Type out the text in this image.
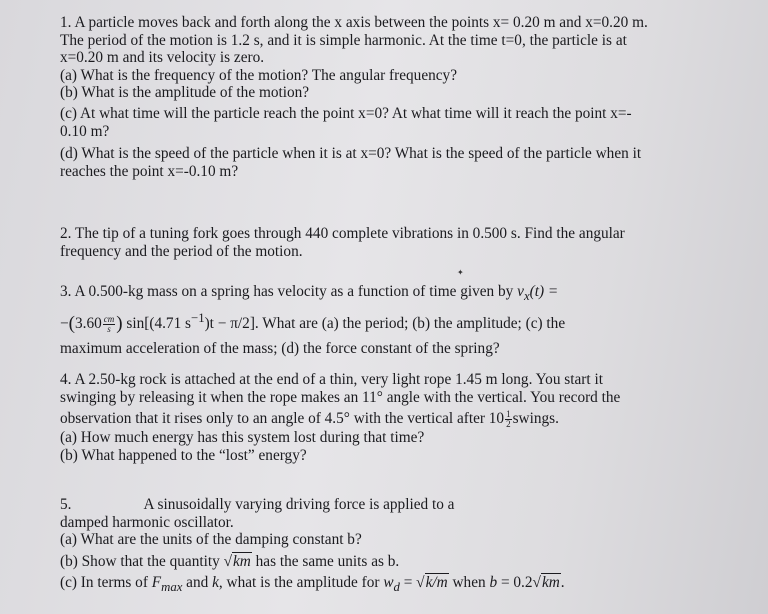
1. A particle moves back and forth along the x axis between the points x= 0.20 m and x=0.20 m.
The period of the motion is 1.2 s, and it is simple harmonic. At the time t=0, the particle is at
x=0.20 m and its velocity is zero.
(a) What is the frequency of the motion? The angular frequency?
(b) What is the amplitude of the motion?
(c) At what time will the particle reach the point x=0? At what time will it reach the point x=-
0.10 m?
(d) What is the speed of the particle when it is at x=0? What is the speed of the particle when it
reaches the point x=-0.10 m?
2. The tip of a tuning fork goes through 440 complete vibrations in 0.500 s. Find the angular
frequency and the period of the motion.
✦
3. A 0.500-kg mass on a spring has velocity as a function of time given by $v_x(t)$ =
$-(3.60 \frac{cm}{s}$ ) sin[(4.71 $s^{-1})t - \pi/2$]. What are (a) the period; (b) the amplitude; (c) the
maximum acceleration of the mass; (d) the force constant of the spring?
4. A 2.50-kg rock is attached at the end of a thin, very light rope 1.45 m long. You start it
swinging by releasing it when the rope makes an 11° angle with the vertical. You record the
observation that it rises only to an angle of 4.5° with the vertical after $10 \frac{1}{2}$ swings.
(a) How much energy has this system lost during that time?
(b) What happened to the “lost” energy?
5.	A sinusoidally varying driving force is applied to a
damped harmonic oscillator.
(a) What are the units of the damping constant b?
(b) Show that the quantity √km has the same units as b.
(c) In terms of $F_{max}$ and k, what is the amplitude for $w_d = √k/m$ when b = 0.2√km.
